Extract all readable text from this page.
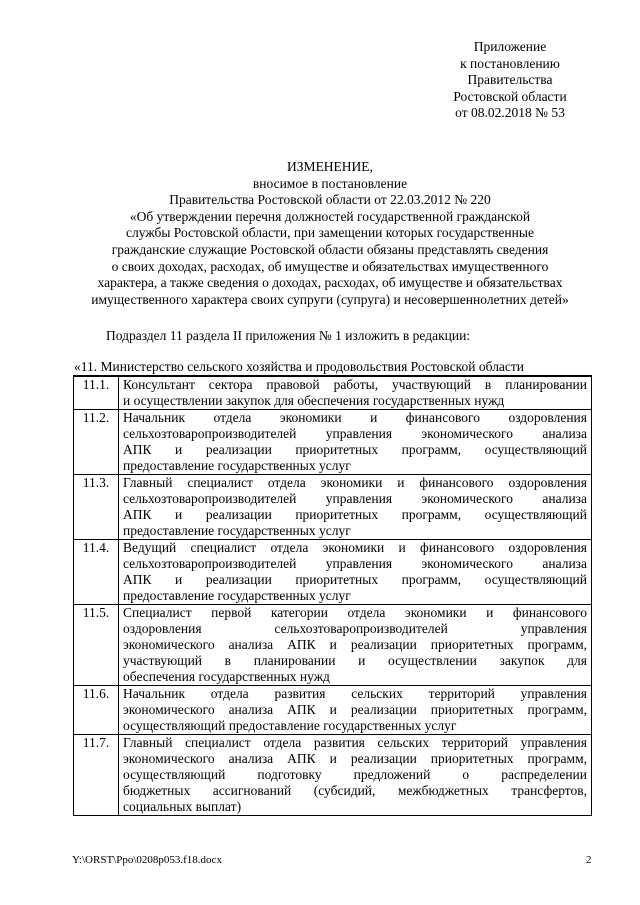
Приложение
к постановлению
Правительства
Ростовской области
от 08.02.2018 № 53
ИЗМЕНЕНИЕ,
вносимое в постановление
Правительства Ростовской области от 22.03.2012 № 220
«Об утверждении перечня должностей государственной гражданской
службы Ростовской области, при замещении которых государственные
гражданские служащие Ростовской области обязаны представлять сведения
о своих доходах, расходах, об имуществе и обязательствах имущественного
характера, а также сведения о доходах, расходах, об имуществе и обязательствах
имущественного характера своих супруги (супруга) и несовершеннолетних детей»
Подраздел 11 раздела II приложения № 1 изложить в редакции:
«11. Министерство сельского хозяйства и продовольствия Ростовской области
11.1.	Консультант сектора правовой работы, участвующий в планировании
и осуществлении закупок для обеспечения государственных нужд

11.2.	Начальник отдела экономики и финансового оздоровления
сельхозтоваропроизводителей управления экономического анализа
АПК и реализации приоритетных программ, осуществляющий
предоставление государственных услуг

11.3.	Главный специалист отдела экономики и финансового оздоровления
сельхозтоваропроизводителей управления экономического анализа
АПК и реализации приоритетных программ, осуществляющий
предоставление государственных услуг

11.4.	Ведущий специалист отдела экономики и финансового оздоровления
сельхозтоваропроизводителей управления экономического анализа
АПК и реализации приоритетных программ, осуществляющий
предоставление государственных услуг

11.5.	Специалист первой категории отдела экономики и финансового
оздоровления сельхозтоваропроизводителей управления
экономического анализа АПК и реализации приоритетных программ,
участвующий в планировании и осуществлении закупок для
обеспечения государственных нужд

11.6.	Начальник отдела развития сельских территорий управления
экономического анализа АПК и реализации приоритетных программ,
осуществляющий предоставление государственных услуг

11.7.	Главный специалист отдела развития сельских территорий управления
экономического анализа АПК и реализации приоритетных программ,
осуществляющий подготовку предложений о распределении
бюджетных ассигнований (субсидий, межбюджетных трансфертов,
социальных выплат)
Y:\ORST\Ppo\0208p053.f18.docx	2
